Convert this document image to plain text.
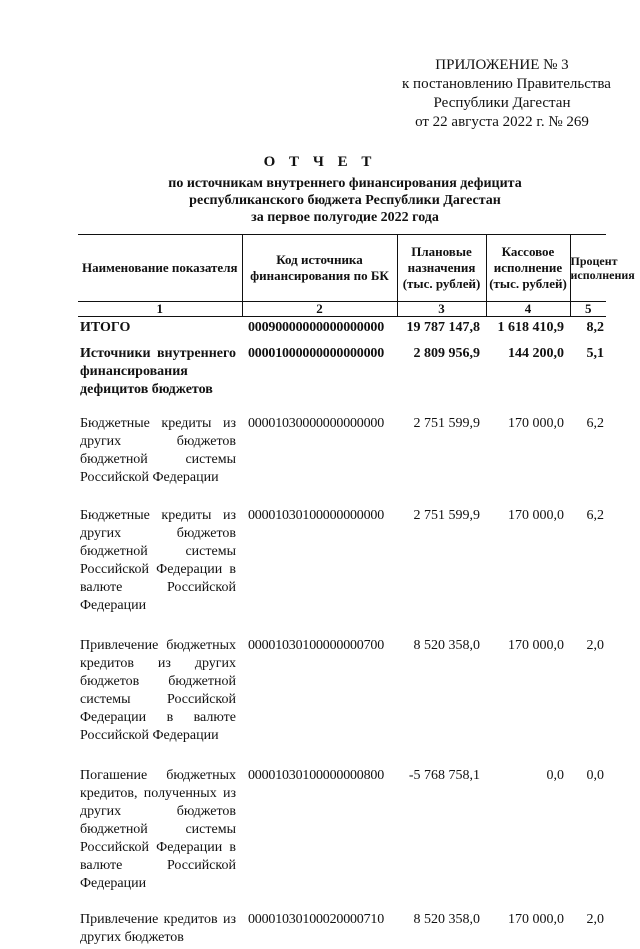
ПРИЛОЖЕНИЕ № 3
к постановлению Правительства
Республики Дагестан
от 22 августа 2022 г. № 269
О Т Ч Е Т
по источникам внутреннего финансирования дефицита
республиканского бюджета Республики Дагестан
за первое полугодие 2022 года
Наименование показателя	Код источника финансирования по БК	Плановые назначения (тыс. рублей)	Кассовое исполнение (тыс. рублей)	Процент исполнения
1	2	3	4	5
ИТОГО	00090000000000000000	19 787 147,8	1 618 410,9	8,2
Источники внутреннего финансирования дефицитов бюджетов	00001000000000000000	2 809 956,9	144 200,0	5,1
Бюджетные кредиты из других бюджетов бюджетной системы Российской Федерации	00001030000000000000	2 751 599,9	170 000,0	6,2
Бюджетные кредиты из других бюджетов бюджетной системы Российской Федерации в валюте Российской Федерации	00001030100000000000	2 751 599,9	170 000,0	6,2
Привлечение бюджетных кредитов из других бюджетов бюджетной системы Российской Федерации в валюте Российской Федерации	00001030100000000700	8 520 358,0	170 000,0	2,0
Погашение бюджетных кредитов, полученных из других бюджетов бюджетной системы Российской Федерации в валюте Российской Федерации	00001030100000000800	-5 768 758,1	0,0	0,0
Привлечение кредитов из других бюджетов	00001030100020000710	8 520 358,0	170 000,0	2,0
